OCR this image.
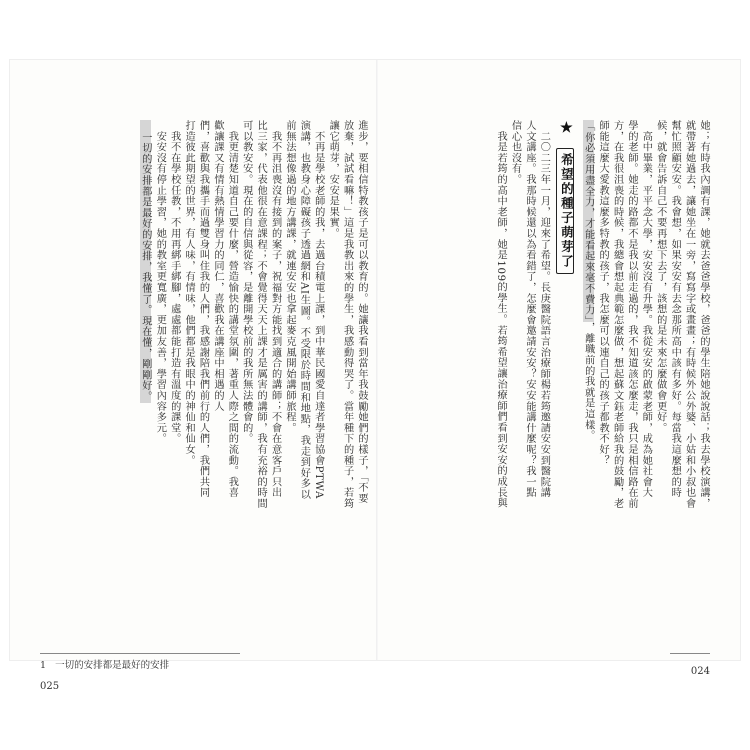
進步，要相信特教孩子是可以教育的。她讓我看到當年我鼓勵她們的樣子，「不要
放棄，試試看嘛！」這是我教出來的學生，我感動得哭了。當年種下的種子，若筠
讓它萌芽，安安是果實。
　不再是學校老師的我，去過台積電上課，到中華民國愛自達者學習協會PTWA
演講，也教身心障礙孩子透過網和AI生圖。不受限於時間和地點，我走到好多以
前無法想像過的地方講課，就連安安也拿起麥克風開始講師旅程。
　我不再沮喪沒有接到的案子，祝福對方能找到適合的講師；不會在意客戶只出
比三家，代表他很在意課程；不會覺得天天上課才是厲害的講師，我有充裕的時間
可以教安安。現在的自信與從容，是離開學校前的我所無法體會的。
　我更清楚知道自己要什麼，營造愉快的講堂氛圍，著重人際之間的流動。我喜
歡讓課又有情有熱情學習力的同仁，喜歡我在講座中相遇的人
們，喜歡與我攜手而過雙身叫住我的人們，我感謝陪我們前行的人們，我們共同
打造彼此期望的世界，有人味，有情味，他們都是我眼中的神仙和仙女。
　我不在學校任教，不用再綁手綁腳，處處都能打造有溫度的課堂。
　安安沒有停止學習，她的教室更寬廣，更加友善，學習內容多元。
　一切的安排都是最好的安排，我懂了。現在懂，剛剛好。
1 一切的安排都是最好的安排
025
她；有時我內調有課，她就去爸爸學校，爸爸的學生陪她說說話；我去學校演講，
就帶著她過去，讓她坐在一旁，寫寫字或畫畫；有時候外公外婆、小姑和小叔也會
幫忙照顧安安。我會想，如果安安有去念那所高中該有多好。每當我這麼想的時
候，就會告訴自己不要再想下去了，該想的是未來怎麼做會更好。
　高中畢業，平平念大學，安安沒有升學。我從安安的啟蒙老師，成為她社會大
學的老師。她走的路都不是我以前走過的，我不知道該怎麼走，我只是相信路在前
方，在我很沮喪的時候，我總會想起典範怎麼做，想起蘇文鈺老師給我的鼓勵，老
師能這麼大愛教這麼多特教的孩子，我怎麼可以連自己的孩子都教不好？
「你必須用盡全力，才能看起來毫不費力」，離職前的我就是這樣。
★ 希望的種子萌芽了
　二〇二三年一月，迎來了希望。長庚醫院語言治療師楊若筠邀請安安到醫院講
人文講座。我那時候還以為看錯了，怎麼會邀請安安？安安能講什麼呢？我一點
信心也沒有。
　我是若筠的高中老師，她是109的學生。若筠希望讓治療師們看到安安的成長與
024
